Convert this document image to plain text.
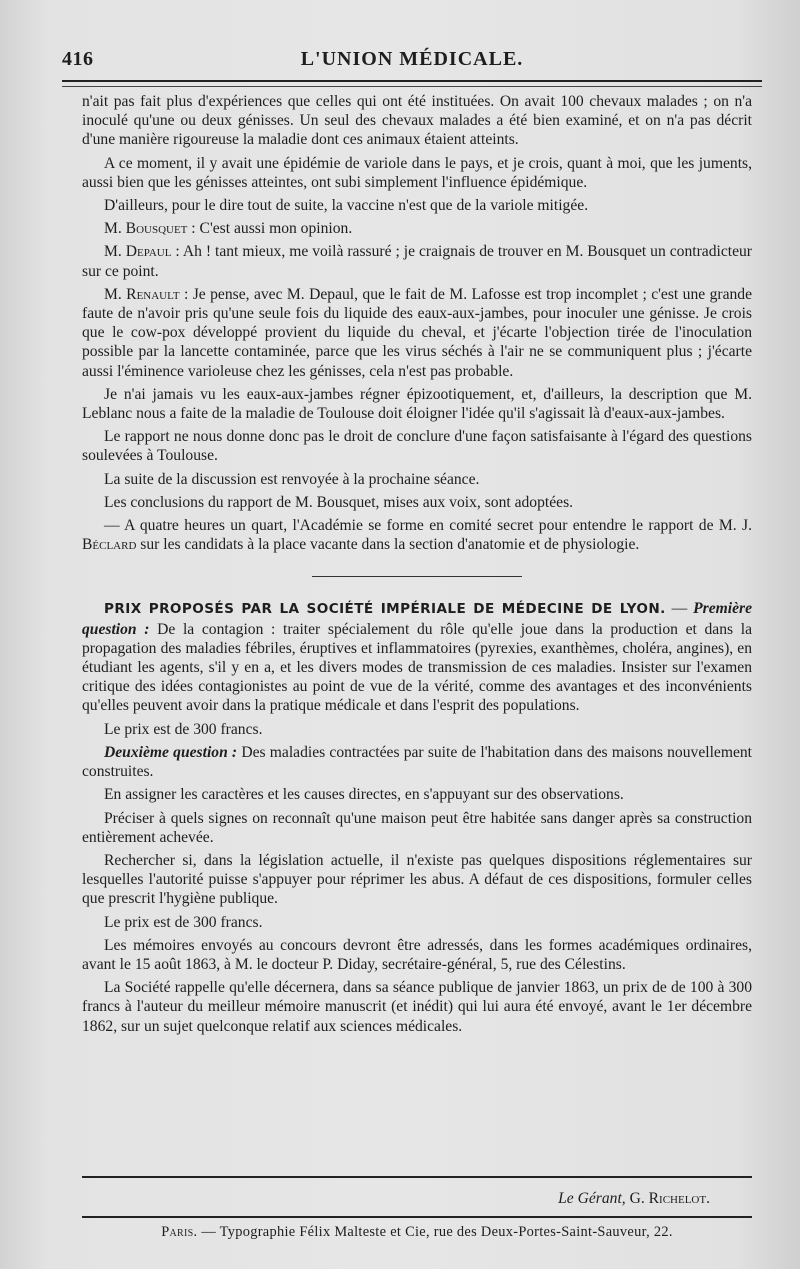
416	L'UNION MÉDICALE.

n'ait pas fait plus d'expériences que celles qui ont été instituées. On avait 100 chevaux malades ; on n'a inoculé qu'une ou deux génisses. Un seul des chevaux malades a été bien examiné, et on n'a pas décrit d'une manière rigoureuse la maladie dont ces animaux étaient atteints.

A ce moment, il y avait une épidémie de variole dans le pays, et je crois, quant à moi, que les juments, aussi bien que les génisses atteintes, ont subi simplement l'influence épidémique.

D'ailleurs, pour le dire tout de suite, la vaccine n'est que de la variole mitigée.

M. Bousquet : C'est aussi mon opinion.

M. Depaul : Ah ! tant mieux, me voilà rassuré ; je craignais de trouver en M. Bousquet un contradicteur sur ce point.

M. Renault : Je pense, avec M. Depaul, que le fait de M. Lafosse est trop incomplet ; c'est une grande faute de n'avoir pris qu'une seule fois du liquide des eaux-aux-jambes, pour inoculer une génisse. Je crois que le cow-pox développé provient du liquide du cheval, et j'écarte l'objection tirée de l'inoculation possible par la lancette contaminée, parce que les virus séchés à l'air ne se communiquent plus ; j'écarte aussi l'éminence varioleuse chez les génisses, cela n'est pas probable.

Je n'ai jamais vu les eaux-aux-jambes régner épizootiquement, et, d'ailleurs, la description que M. Leblanc nous a faite de la maladie de Toulouse doit éloigner l'idée qu'il s'agissait là d'eaux-aux-jambes.

Le rapport ne nous donne donc pas le droit de conclure d'une façon satisfaisante à l'égard des questions soulevées à Toulouse.

La suite de la discussion est renvoyée à la prochaine séance.

Les conclusions du rapport de M. Bousquet, mises aux voix, sont adoptées.

— A quatre heures un quart, l'Académie se forme en comité secret pour entendre le rapport de M. J. Béclard sur les candidats à la place vacante dans la section d'anatomie et de physiologie.

PRIX PROPOSÉS PAR LA SOCIÉTÉ IMPÉRIALE DE MÉDECINE DE LYON. — Première question : De la contagion : traiter spécialement du rôle qu'elle joue dans la production et dans la propagation des maladies fébriles, éruptives et inflammatoires (pyrexies, exanthèmes, choléra, angines), en étudiant les agents, s'il y en a, et les divers modes de transmission de ces maladies. Insister sur l'examen critique des idées contagionistes au point de vue de la vérité, comme des avantages et des inconvénients qu'elles peuvent avoir dans la pratique médicale et dans l'esprit des populations.

Le prix est de 300 francs.

Deuxième question : Des maladies contractées par suite de l'habitation dans des maisons nouvellement construites.

En assigner les caractères et les causes directes, en s'appuyant sur des observations.

Préciser à quels signes on reconnaît qu'une maison peut être habitée sans danger après sa construction entièrement achevée.

Rechercher si, dans la législation actuelle, il n'existe pas quelques dispositions réglementaires sur lesquelles l'autorité puisse s'appuyer pour réprimer les abus. A défaut de ces dispositions, formuler celles que prescrit l'hygiène publique.

Le prix est de 300 francs.

Les mémoires envoyés au concours devront être adressés, dans les formes académiques ordinaires, avant le 15 août 1863, à M. le docteur P. Diday, secrétaire-général, 5, rue des Célestins.

La Société rappelle qu'elle décernera, dans sa séance publique de janvier 1863, un prix de de 100 à 300 francs à l'auteur du meilleur mémoire manuscrit (et inédit) qui lui aura été envoyé, avant le 1er décembre 1862, sur un sujet quelconque relatif aux sciences médicales.

Le Gérant, G. Richelot.
Paris. — Typographie Félix Malteste et Cie, rue des Deux-Portes-Saint-Sauveur, 22.
